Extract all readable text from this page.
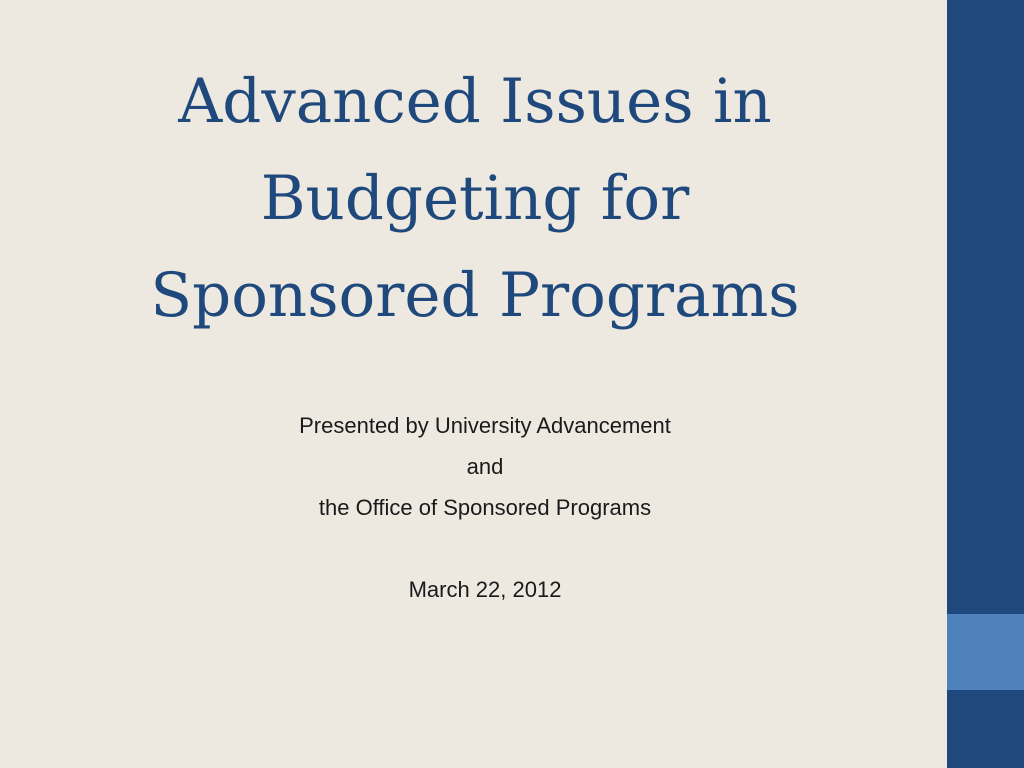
Advanced Issues in
Budgeting for
Sponsored Programs
Presented by University Advancement
and
the Office of Sponsored Programs
March 22, 2012
